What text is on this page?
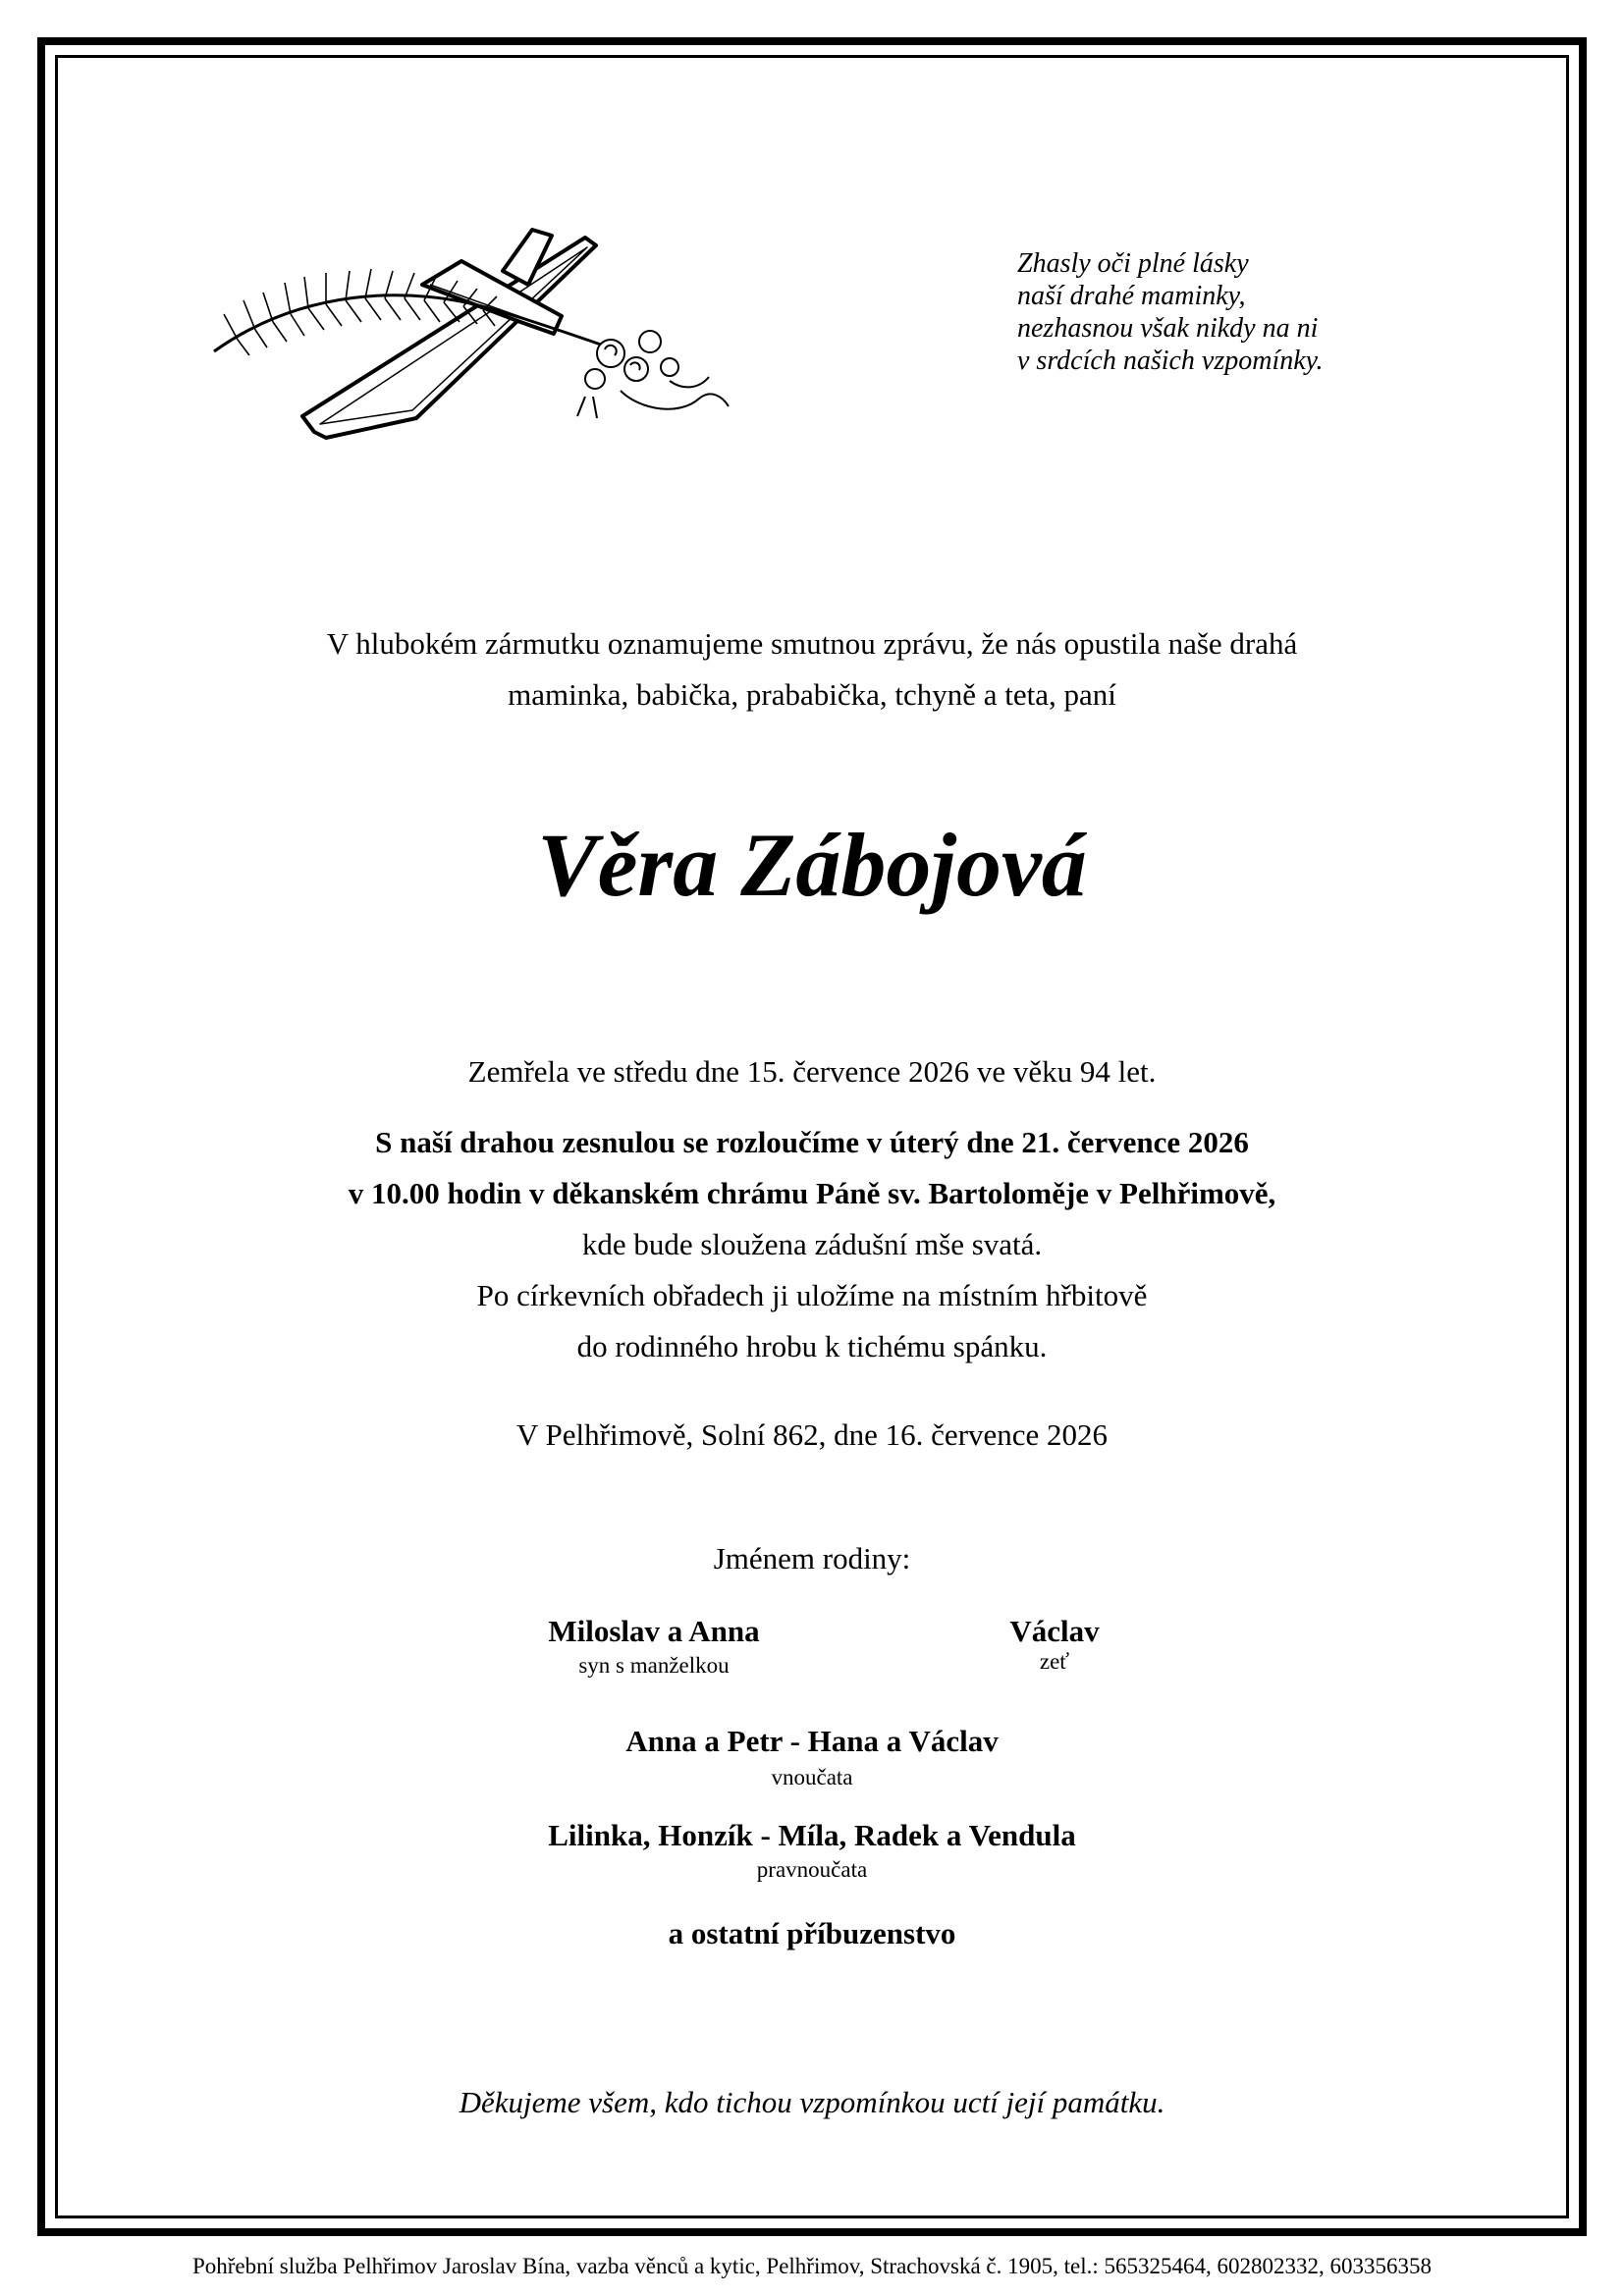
Zhasly oči plné lásky
naší drahé maminky,
nezhasnou však nikdy na ni
v srdcích našich vzpomínky.
V hlubokém zármutku oznamujeme smutnou zprávu, že nás opustila naše drahá
maminka, babička, prababička, tchyně a teta, paní
Věra Zábojová
Zemřela ve středu dne 15. července 2026 ve věku 94 let.
S naší drahou zesnulou se rozloučíme v úterý dne 21. července 2026
v 10.00 hodin v děkanském chrámu Páně sv. Bartoloměje v Pelhřimově,
kde bude sloužena zádušní mše svatá.
Po církevních obřadech ji uložíme na místním hřbitově
do rodinného hrobu k tichému spánku.
V Pelhřimově, Solní 862, dne 16. července 2026
Jménem rodiny:
Miloslav a Anna
syn s manželkou
Václav
zeť
Anna a Petr - Hana a Václav
vnoučata
Lilinka, Honzík - Míla, Radek a Vendula
pravnoučata
a ostatní příbuzenstvo
Děkujeme všem, kdo tichou vzpomínkou uctí její památku.
Pohřební služba Pelhřimov Jaroslav Bína, vazba věnců a kytic, Pelhřimov, Strachovská č. 1905, tel.: 565325464, 602802332, 603356358
